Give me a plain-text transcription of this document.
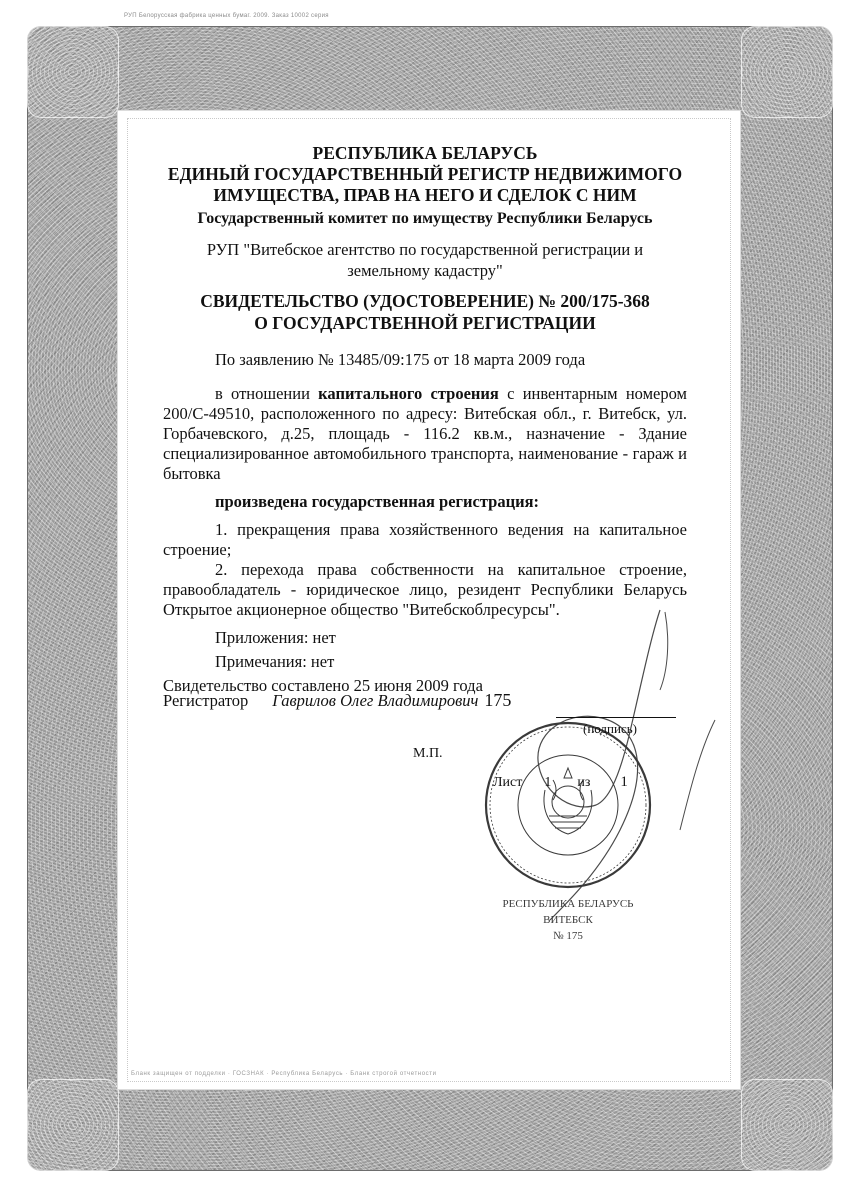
РУП Белорусская фабрика ценных бумаг. 2009. Заказ 10002 серия
Бланк защищен от подделки · ГОСЗНАК · Республика Беларусь · Бланк строгой отчетности
РЕСПУБЛИКА БЕЛАРУСЬ
ВИТЕБСК
№ 175
РЕСПУБЛИКА БЕЛАРУСЬ
ЕДИНЫЙ ГОСУДАРСТВЕННЫЙ РЕГИСТР НЕДВИЖИМОГО
ИМУЩЕСТВА, ПРАВ НА НЕГО И СДЕЛОК С НИМ
Государственный комитет по имуществу Республики Беларусь
РУП "Витебское агентство по государственной регистрации и
земельному кадастру"
СВИДЕТЕЛЬСТВО (УДОСТОВЕРЕНИЕ) № 200/175-368
О ГОСУДАРСТВЕННОЙ РЕГИСТРАЦИИ
По заявлению № 13485/09:175 от 18 марта 2009 года
в отношении капитального строения с инвентарным номером 200/С-49510, расположенного по адресу: Витебская обл., г. Витебск, ул. Горбачевского, д.25, площадь - 116.2 кв.м., назначение - Здание специализированное автомобильного транспорта, наименование - гараж и бытовка
произведена государственная регистрация:
1. прекращения права хозяйственного ведения на капитальное строение;
2. перехода права собственности на капитальное строение, правообладатель - юридическое лицо, резидент Республики Беларусь Открытое акционерное общество "Витебскоблресурсы".
Приложения: нет
Примечания: нет
Свидетельство составлено 25 июня 2009 года
Регистратор Гаврилов Олег Владимирович 175
(подпись)
М.П.
Лист 1 из 1
